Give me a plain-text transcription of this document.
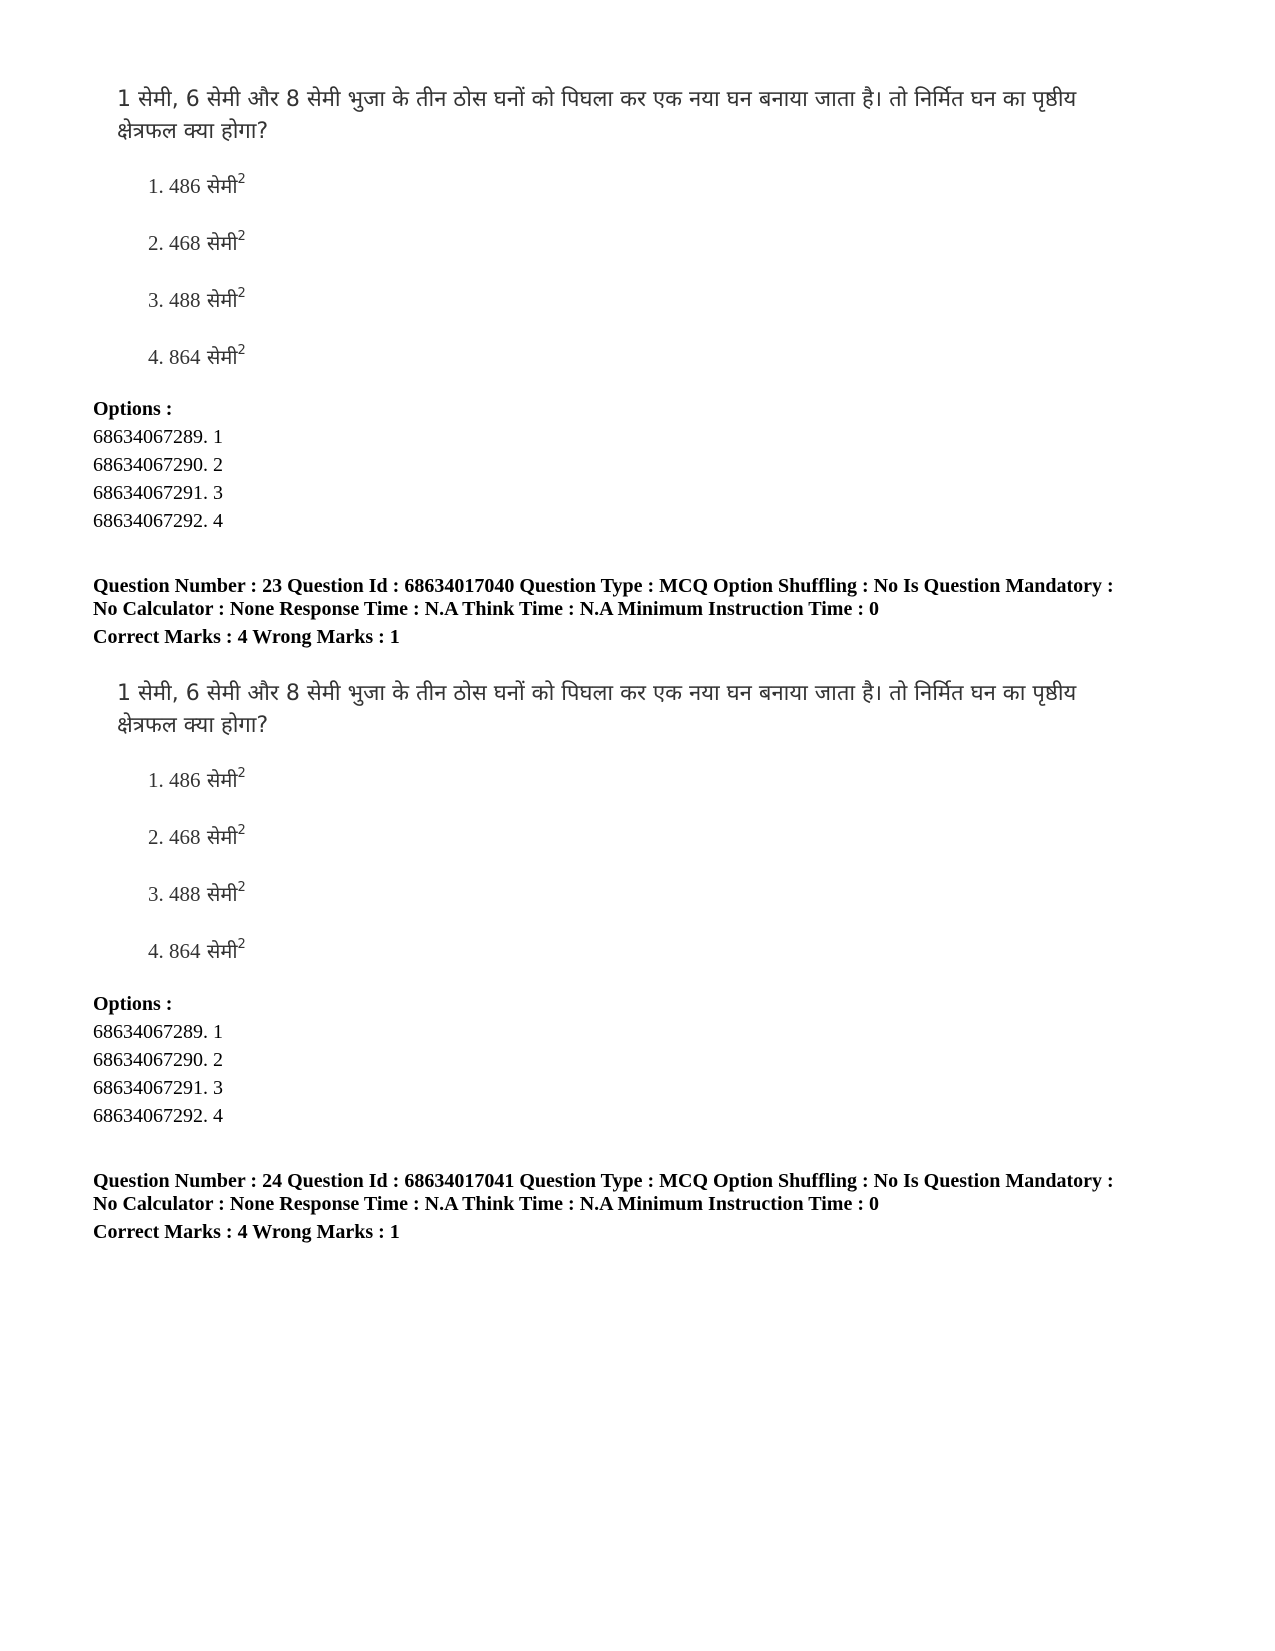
1 सेमी, 6 सेमी और 8 सेमी भुजा के तीन ठोस घनों को पिघला कर एक नया घन बनाया जाता है। तो निर्मित घन का पृष्ठीय
क्षेत्रफल क्या होगा?
1. 486 सेमी$^2$
2. 468 सेमी$^2$
3. 488 सेमी$^2$
4. 864 सेमी$^2$
Options :
68634067289. 1
68634067290. 2
68634067291. 3
68634067292. 4
Question Number : 23 Question Id : 68634017040 Question Type : MCQ Option Shuffling : No Is Question Mandatory :
No Calculator : None Response Time : N.A Think Time : N.A Minimum Instruction Time : 0
Correct Marks : 4 Wrong Marks : 1
1 सेमी, 6 सेमी और 8 सेमी भुजा के तीन ठोस घनों को पिघला कर एक नया घन बनाया जाता है। तो निर्मित घन का पृष्ठीय
क्षेत्रफल क्या होगा?
1. 486 सेमी$^2$
2. 468 सेमी$^2$
3. 488 सेमी$^2$
4. 864 सेमी$^2$
Options :
68634067289. 1
68634067290. 2
68634067291. 3
68634067292. 4
Question Number : 24 Question Id : 68634017041 Question Type : MCQ Option Shuffling : No Is Question Mandatory :
No Calculator : None Response Time : N.A Think Time : N.A Minimum Instruction Time : 0
Correct Marks : 4 Wrong Marks : 1
